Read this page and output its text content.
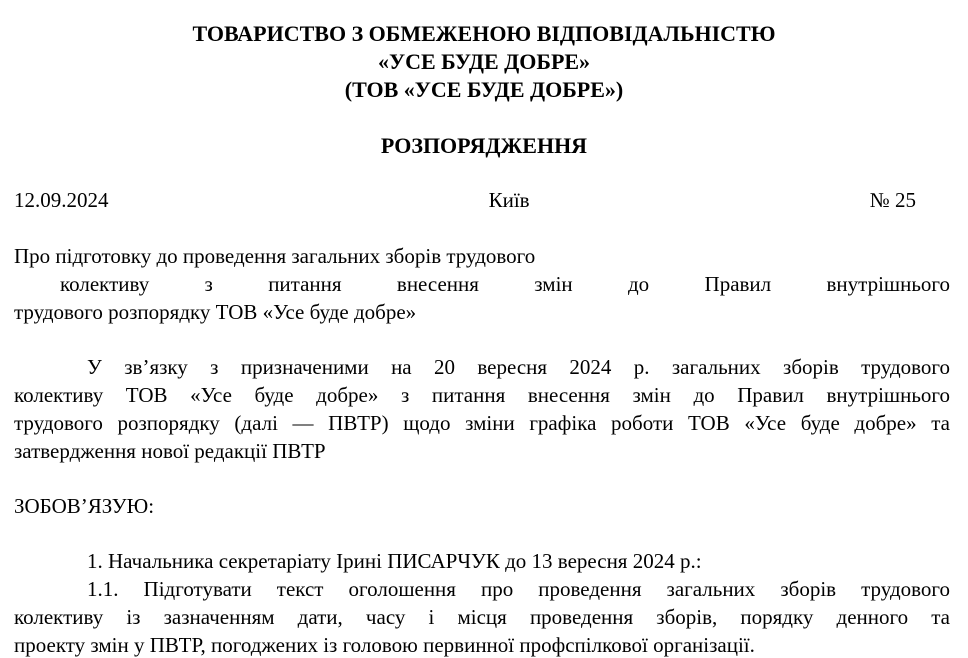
ТОВАРИСТВО З ОБМЕЖЕНОЮ ВІДПОВІДАЛЬНІСТЮ
«УСЕ БУДЕ ДОБРЕ»
(ТОВ «УСЕ БУДЕ ДОБРЕ»)
РОЗПОРЯДЖЕННЯ
12.09.2024	Київ	№ 25
Про підготовку до проведення загальних зборів трудового
колективу з питання внесення змін до Правил внутрішнього
трудового розпорядку ТОВ «Усе буде добре»
У зв’язку з призначеними на 20 вересня 2024 р. загальних зборів трудового
колективу ТОВ «Усе буде добре» з питання внесення змін до Правил внутрішнього
трудового розпорядку (далі — ПВТР) щодо зміни графіка роботи ТОВ «Усе буде добре» та
затвердження нової редакції ПВТР
ЗОБОВ’ЯЗУЮ:
1. Начальника секретаріату Ірині ПИСАРЧУК до 13 вересня 2024 р.:
1.1. Підготувати текст оголошення про проведення загальних зборів трудового
колективу із зазначенням дати, часу і місця проведення зборів, порядку денного та
проекту змін у ПВТР, погоджених із головою первинної профспілкової організації.
